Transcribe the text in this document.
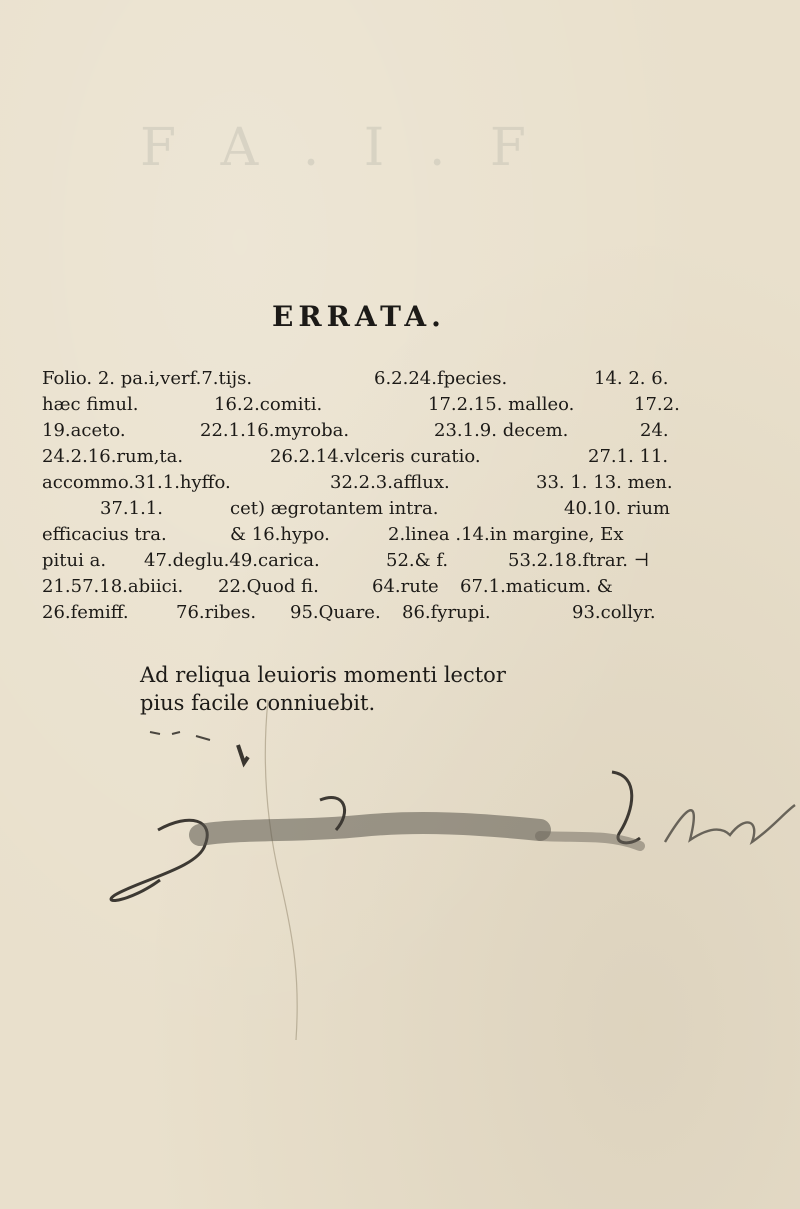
F A . I . F
ERRATA.
Folio. 2. pa.i,verf.7.tijs.	6.2.24.fpecies.	14. 2. 6.
hæc fimul.	16.2.comiti.	17.2.15. malleo.	17.2.
19.aceto.	22.1.16.myroba.	23.1.9. decem.	24.
24.2.16.rum,ta.	26.2.14.vlceris curatio.	27.1. 11.
accommo.31.1.hyffo.	32.2.3.afflux.	33. 1. 13. men.
37.1.1.	cet) ægrotantem intra.	40.10. rium
efficacius tra.	& 16.hypo.	2.linea .14.in margine, Ex
pitui a. 47.deglu.49.carica.	52.& f.	53.2.18.ftrar. ⊣
21.57.18.abiici. 22.Quod fi.	64.rute 67.1.maticum. &
26.femiff.	76.ribes. 95.Quare. 86.fyrupi.	93.collyr.
Ad reliqua leuioris momenti lector
pius facile conniuebit.
